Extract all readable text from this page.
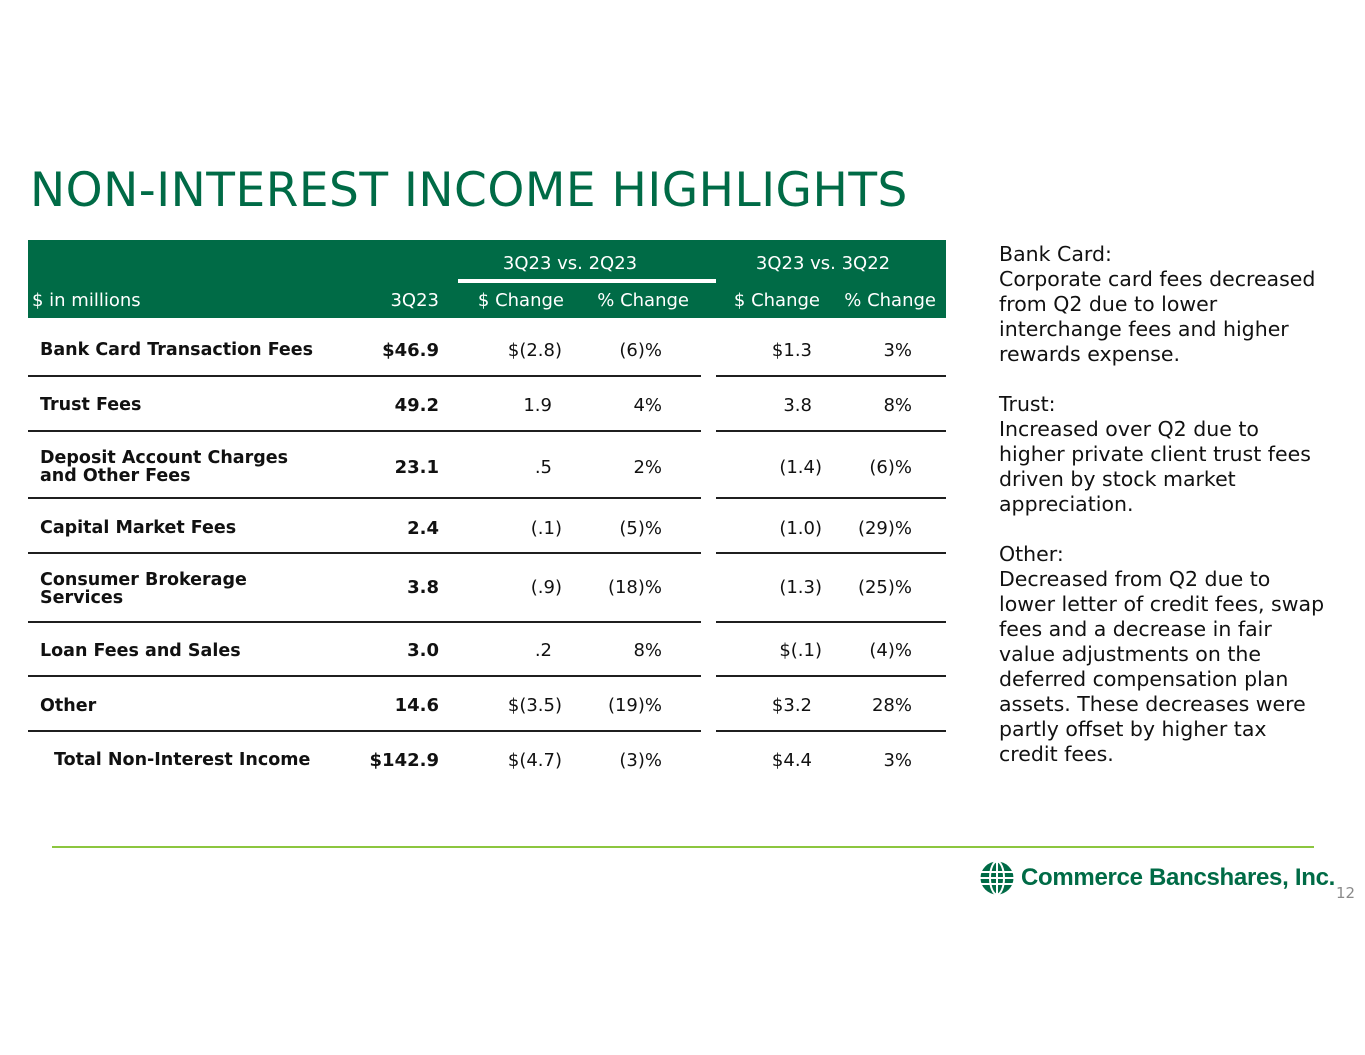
NON-INTEREST INCOME HIGHLIGHTS
3Q23 vs. 2Q23	3Q23 vs. 3Q22
$ in millions	3Q23	$ Change	% Change	$ Change	% Change
Bank Card Transaction Fees	$46.9	$(2.8)	(6)%	$1.3	3%
Trust Fees	49.2	1.9	4%	3.8	8%
Deposit Account Charges and Other Fees	23.1	.5	2%	(1.4)	(6)%
Capital Market Fees	2.4	(.1)	(5)%	(1.0)	(29)%
Consumer Brokerage Services	3.8	(.9)	(18)%	(1.3)	(25)%
Loan Fees and Sales	3.0	.2	8%	$(.1)	(4)%
Other	14.6	$(3.5)	(19)%	$3.2	28%
Total Non-Interest Income	$142.9	$(4.7)	(3)%	$4.4	3%
Bank Card:
Corporate card fees decreased from Q2 due to lower interchange fees and higher rewards expense.
Trust:
Increased over Q2 due to higher private client trust fees driven by stock market appreciation.
Other:
Decreased from Q2 due to lower letter of credit fees, swap fees and a decrease in fair value adjustments on the deferred compensation plan assets. These decreases were partly offset by higher tax credit fees.
Commerce Bancshares, Inc.
12
